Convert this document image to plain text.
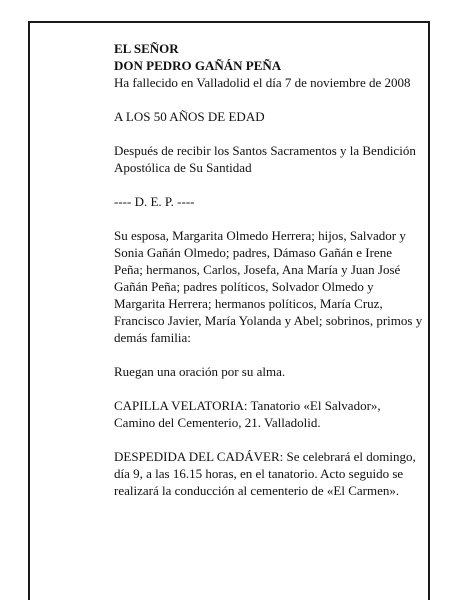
EL SEÑOR

DON PEDRO GAÑÁN PEÑA

Ha fallecido en Valladolid el día 7 de noviembre de 2008

A LOS 50 AÑOS DE EDAD

Después de recibir los Santos Sacramentos y la Bendición Apostólica de Su Santidad

---- D. E. P. ----

Su esposa, Margarita Olmedo Herrera; hijos, Salvador y Sonia Gañán Olmedo; padres, Dámaso Gañán e Irene Peña; hermanos, Carlos, Josefa, Ana María y Juan José Gañán Peña; padres políticos, Solvador Olmedo y Margarita Herrera; hermanos políticos, María Cruz, Francisco Javier, María Yolanda y Abel; sobrinos, primos y demás familia:

Ruegan una oración por su alma.

CAPILLA VELATORIA: Tanatorio «El Salvador», Camino del Cementerio, 21. Valladolid.

DESPEDIDA DEL CADÁVER: Se celebrará el domingo, día 9, a las 16.15 horas, en el tanatorio. Acto seguido se realizará la conducción al cementerio de «El Carmen».
